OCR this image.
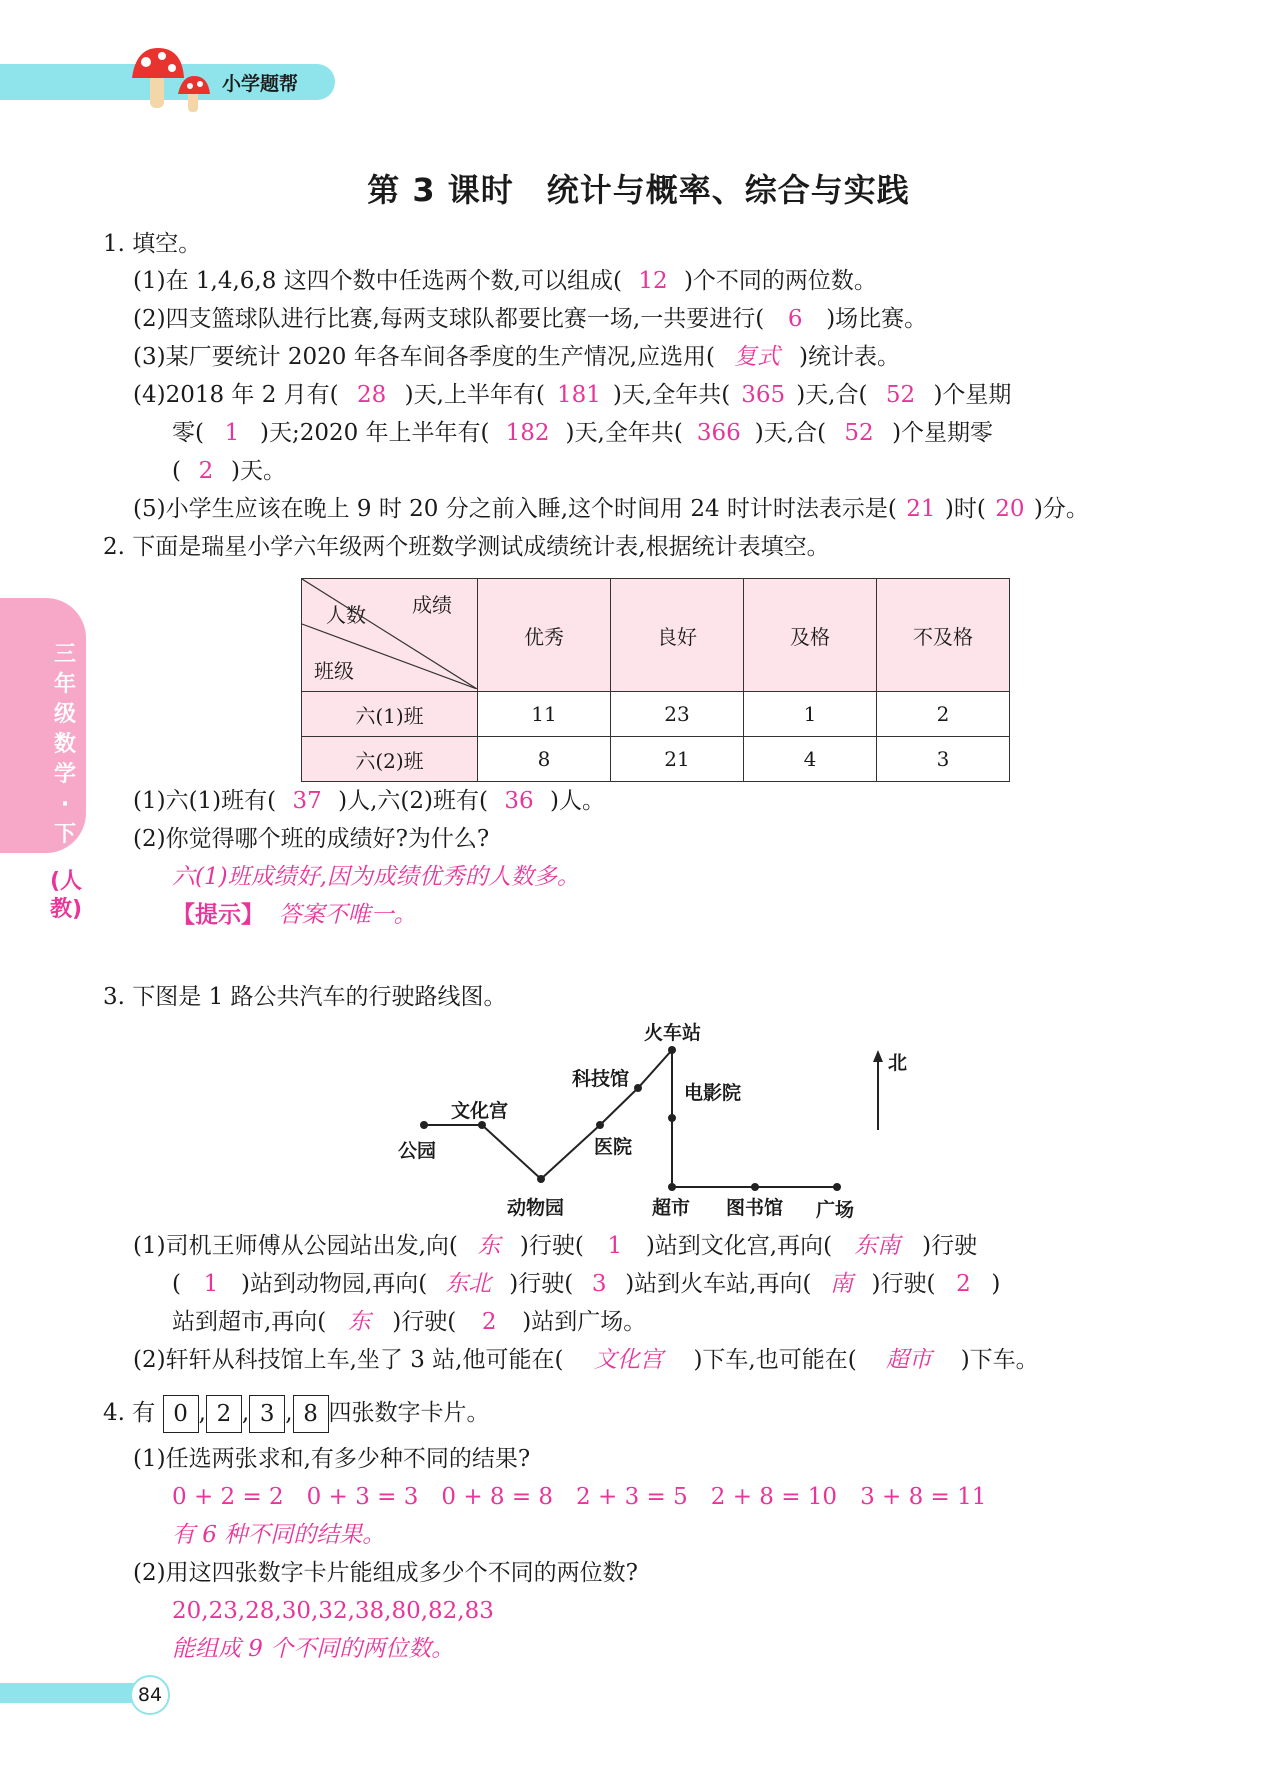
小学题帮
第 3 课时　统计与概率、综合与实践
三年级数学·下
(人教)
1. 填空。
(1)在 1,4,6,8 这四个数中任选两个数,可以组成( 12 )个不同的两位数。
(2)四支篮球队进行比赛,每两支球队都要比赛一场,一共要进行( 6 )场比赛。
(3)某厂要统计 2020 年各车间各季度的生产情况,应选用( 复式 )统计表。
(4)2018 年 2 月有( 28 )天,上半年有( 181 )天,全年共( 365 )天,合( 52 )个星期
零( 1 )天;2020 年上半年有( 182 )天,全年共( 366 )天,合( 52 )个星期零
( 2 )天。
(5)小学生应该在晚上 9 时 20 分之前入睡,这个时间用 24 时计时法表示是( 21 )时( 20 )分。
2. 下面是瑞星小学六年级两个班数学测试成绩统计表,根据统计表填空。
成绩
人数
班级	优秀	良好	及格	不及格
六(1)班	11	23	1	2
六(2)班	8	21	4	3
(1)六(1)班有( 37 )人,六(2)班有( 36 )人。
(2)你觉得哪个班的成绩好?为什么?
六(1)班成绩好,因为成绩优秀的人数多。
【提示】 答案不唯一。
3. 下图是 1 路公共汽车的行驶路线图。
公园
文化宫
动物园
医院
科技馆
火车站
电影院
超市 图书馆 广场
北
(1)司机王师傅从公园站出发,向( 东 )行驶( 1 )站到文化宫,再向( 东南 )行驶
( 1 )站到动物园,再向( 东北 )行驶( 3 )站到火车站,再向( 南 )行驶( 2 )
站到超市,再向( 东 )行驶( 2 )站到广场。
(2)轩轩从科技馆上车,坐了 3 站,他可能在( 文化宫 )下车,也可能在( 超市 )下车。
4. 有 0 , 2 , 3 , 8 四张数字卡片。
(1)任选两张求和,有多少种不同的结果?
0 + 2 = 2　0 + 3 = 3　0 + 8 = 8　2 + 3 = 5　2 + 8 = 10　3 + 8 = 11
有 6 种不同的结果。
(2)用这四张数字卡片能组成多少个不同的两位数?
20,23,28,30,32,38,80,82,83
能组成 9 个不同的两位数。
84
